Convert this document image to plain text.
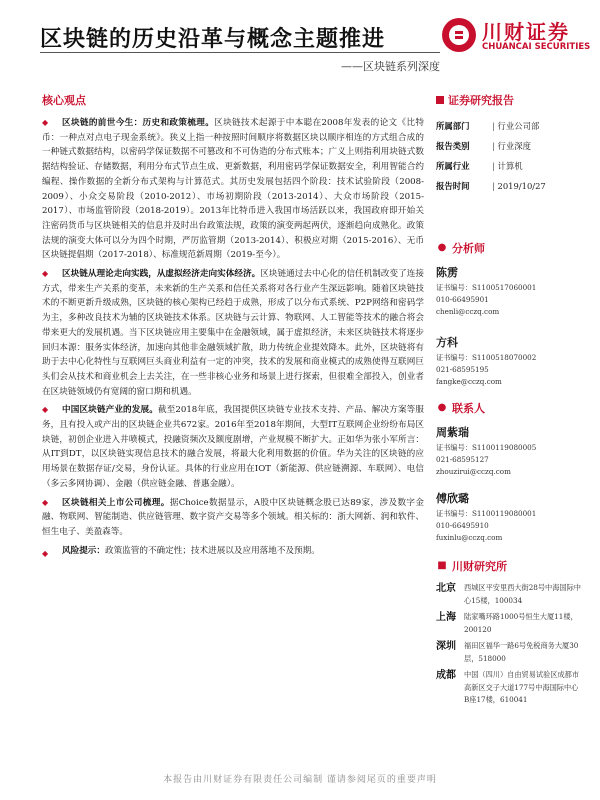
区块链的历史沿革与概念主题推进	川财证券
CHUANCAI SECURITIES
——区块链系列深度
核心观点
◆	区块链的前世今生：历史和政策梳理。区块链技术起源于中本聪在2008年发表的论文《比特币：一种点对点电子现金系统》。狭义上指一种按照时间顺序将数据区块以顺序相连的方式组合成的一种链式数据结构，以密码学保证数据不可篡改和不可伪造的分布式账本；广义上则指利用块链式数据结构验证、存储数据，利用分布式节点生成、更新数据，利用密码学保证数据安全，利用智能合约编程、操作数据的全新分布式架构与计算范式。其历史发展包括四个阶段：技术试验阶段（2008-2009）、小众交易阶段（2010-2012）、市场初期阶段（2013-2014）、大众市场阶段（2015-2017）、市场监管阶段（2018-2019）。2013年比特币进入我国市场活跃以来，我国政府即开始关注密码货币与区块链相关的信息并及时出台政策法规，政策的演变两起两伏，逐渐趋向成熟化。政策法规的演变大体可以分为四个时期，严厉监管期（2013-2014）、积极应对期（2015-2016）、无币区块链提倡期（2017-2018）、标准规范新周期（2019-至今）。
◆	区块链从理论走向实践，从虚拟经济走向实体经济。区块链通过去中心化的信任机制改变了连接方式，带来生产关系的变革，未来新的生产关系和信任关系将对各行业产生深远影响。随着区块链技术的不断更新升级成熟，区块链的核心架构已经趋于成熟，形成了以分布式系统、P2P网络和密码学为主，多种改良技术为辅的区块链技术体系。区块链与云计算、物联网、人工智能等技术的融合将会带来更大的发展机遇。当下区块链应用主要集中在金融领域，属于虚拟经济，未来区块链技术将逐步回归本源：服务实体经济，加速向其他非金融领域扩散，助力传统企业提效降本。此外，区块链将有助于去中心化特性与互联网巨头商业利益有一定的冲突，技术的发展和商业模式的成熟使得互联网巨头们会从技术和商业机会上去关注，在一些非核心业务和场景上进行探索，但很难全部投入，创业者在区块链领域仍有宽阔的窗口期和机遇。
◆	中国区块链产业的发展。截至2018年底，我国提供区块链专业技术支持、产品、解决方案等服务，且有投入或产出的区块链企业共672家。2016年至2018年期间，大型IT互联网企业纷纷布局区块链，初创企业进入井喷模式，投融资频次及额度剧增，产业规模不断扩大。正如华为张小军所言：从IT到DT，以区块链实现信息技术的融合发展，将最大化利用数据的价值。华为关注的区块链的应用场景在数据存证/交易，身份认证。具体的行业应用在IOT（新能源、供应链溯源、车联网）、电信（多云多网协调）、金融（供应链金融、普惠金融）。
◆	区块链相关上市公司梳理。据Choice数据显示，A股中区块链概念股已达89家，涉及数字金融、物联网、智能制造、供应链管理、数字资产交易等多个领域。相关标的：浙大网新、润和软件、恒生电子、美盈森等。
◆	风险提示：政策监管的不确定性；技术进展以及应用落地不及预期。
证券研究报告
所属部门	| 行业公司部
报告类别	| 行业深度
所属行业	| 计算机
报告时间	| 2019/10/27
● 分析师
陈雳
证书编号：S1100517060001
010-66495901
chenli@cczq.com
方科
证书编号：S1100518070002
021-68595195
fangke@cczq.com
● 联系人
周紫瑞
证书编号：S1100119080005
021-68595127
zhouzirui@cczq.com
傅欣璐
证书编号：S1100119080001
010-66495910
fuxinlu@cczq.com
■ 川财研究所
北京	西城区平安里西大街28号中海国际中心15楼，100034
上海	陆家嘴环路1000号恒生大厦11楼，200120
深圳	福田区福华一路6号免税商务大厦30层，518000
成都	中国（四川）自由贸易试验区成都市高新区交子大道177号中海国际中心B座17楼，610041
本报告由川财证券有限责任公司编制 谨请参阅尾页的重要声明
